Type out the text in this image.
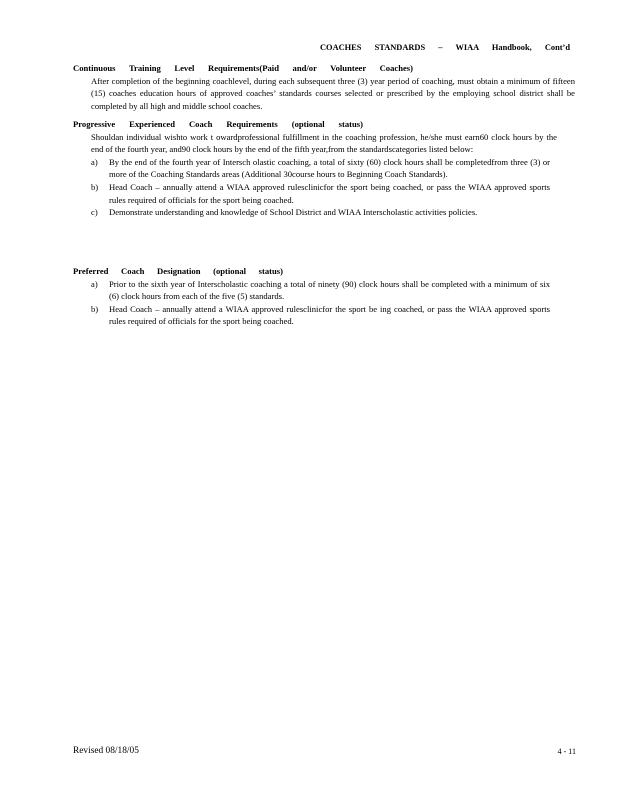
COACHES STANDARDS – WIAA Handbook, Cont’d
Continuous Training Level Requirements(Paid and/or Volunteer Coaches)
After completion of the beginning coachlevel, during each subsequent three (3) year period of coaching, must obtain a minimum of fifteen (15) coaches education hours of approved coaches’ standards courses selected or prescribed by the employing school district shall be completed by all high and middle school coaches.
Progressive Experienced Coach Requirements (optional status)
Shouldan individual wishto work t owardprofessional fulfillment in the coaching profession, he/she must earn60 clock hours by the end of the fourth year, and90 clock hours by the end of the fifth year,from the standardscategories listed below:
a)	By the end of the fourth year of Intersch olastic coaching, a total of sixty (60) clock hours shall be completedfrom three (3) or more of the Coaching Standards areas (Additional 30course hours to Beginning Coach Standards).
b)	Head Coach – annually attend a WIAA approved rulesclinicfor the sport being coached, or pass the WIAA approved sports rules required of officials for the sport being coached.
c)	Demonstrate understanding and knowledge of School District and WIAA Interscholastic activities policies.
Preferred Coach Designation (optional status)
a)	Prior to the sixth year of Interscholastic coaching a total of ninety (90) clock hours shall be completed with a minimum of six (6) clock hours from each of the five (5) standards.
b)	Head Coach – annually attend a WIAA approved rulesclinicfor the sport be ing coached, or pass the WIAA approved sports rules required of officials for the sport being coached.
Revised 08/18/05	4 - 11
